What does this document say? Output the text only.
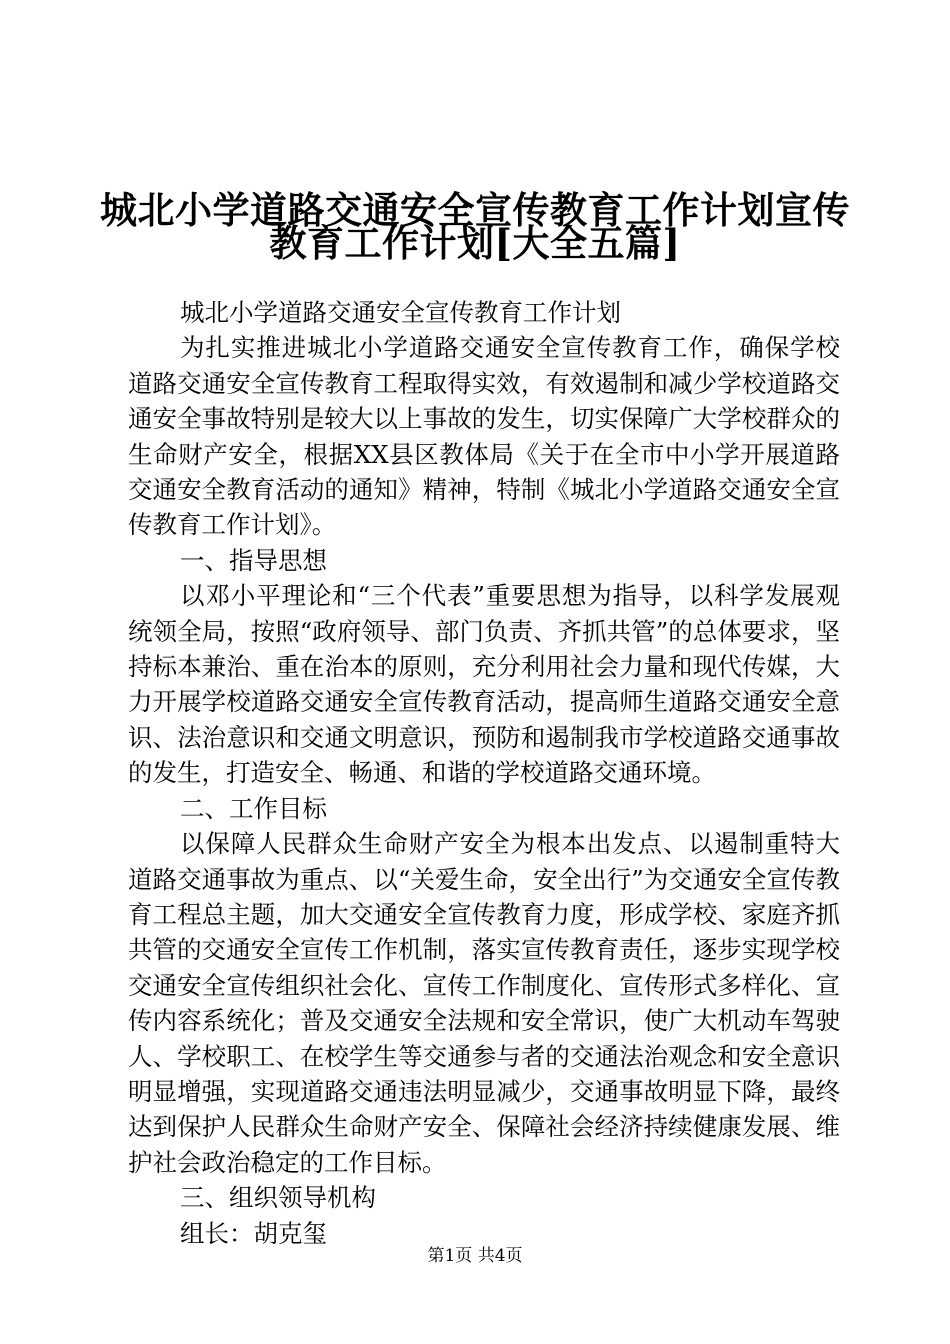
城北小学道路交通安全宣传教育工作计划宣传
教育工作计划[大全五篇]

城北小学道路交通安全宣传教育工作计划

为扎实推进城北小学道路交通安全宣传教育工作，确保学校道路交通安全宣传教育工程取得实效，有效遏制和减少学校道路交通安全事故特别是较大以上事故的发生，切实保障广大学校群众的生命财产安全，根据XX县区教体局《关于在全市中小学开展道路交通安全教育活动的通知》精神，特制《城北小学道路交通安全宣传教育工作计划》。

一、指导思想

以邓小平理论和“三个代表”重要思想为指导，以科学发展观统领全局，按照“政府领导、部门负责、齐抓共管”的总体要求，坚持标本兼治、重在治本的原则，充分利用社会力量和现代传媒，大力开展学校道路交通安全宣传教育活动，提高师生道路交通安全意识、法治意识和交通文明意识，预防和遏制我市学校道路交通事故的发生，打造安全、畅通、和谐的学校道路交通环境。

二、工作目标

以保障人民群众生命财产安全为根本出发点、以遏制重特大道路交通事故为重点、以“关爱生命，安全出行”为交通安全宣传教育工程总主题，加大交通安全宣传教育力度，形成学校、家庭齐抓共管的交通安全宣传工作机制，落实宣传教育责任，逐步实现学校交通安全宣传组织社会化、宣传工作制度化、宣传形式多样化、宣传内容系统化；普及交通安全法规和安全常识，使广大机动车驾驶人、学校职工、在校学生等交通参与者的交通法治观念和安全意识明显增强，实现道路交通违法明显减少，交通事故明显下降，最终达到保护人民群众生命财产安全、保障社会经济持续健康发展、维护社会政治稳定的工作目标。

三、组织领导机构

组长：胡克玺

第1页 共4页
